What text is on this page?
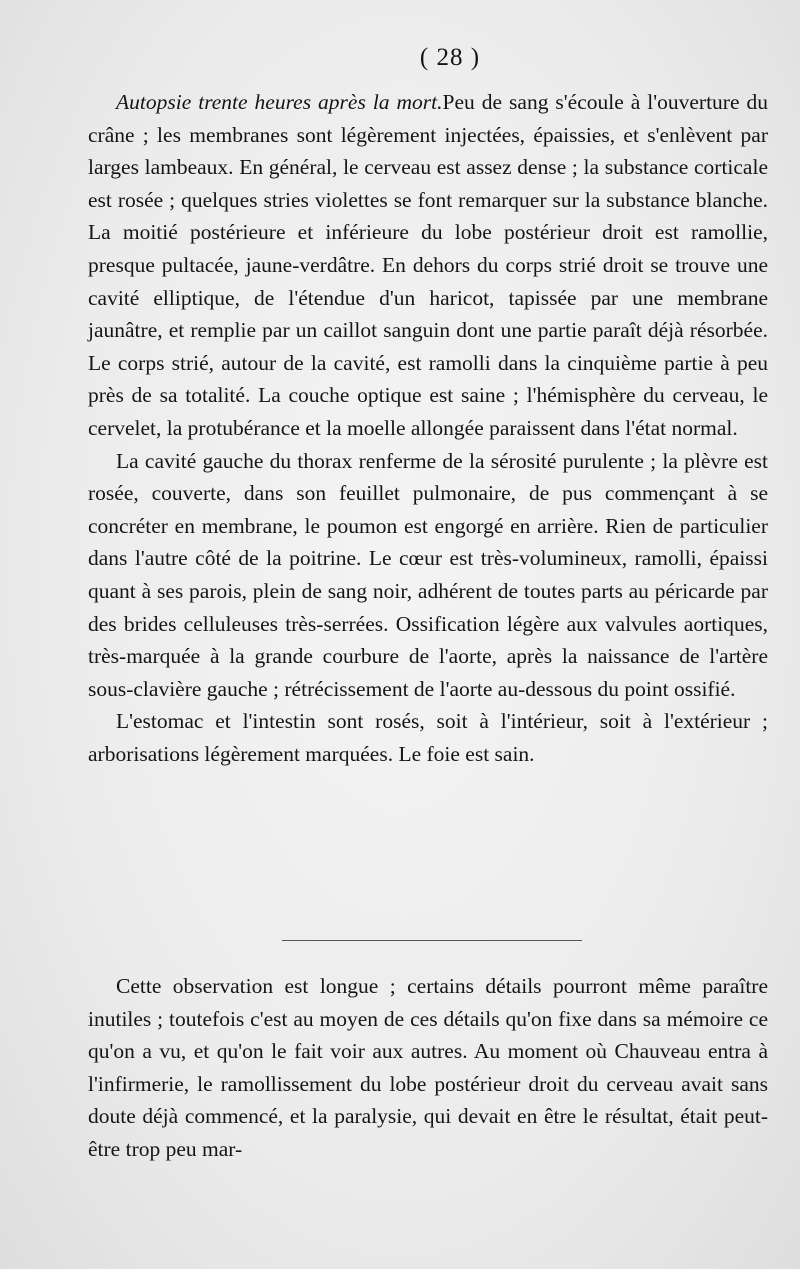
( 28 )

Autopsie trente heures après la mort.Peu de sang s'écoule à l'ouverture du crâne ; les membranes sont légèrement injectées, épaissies, et s'enlèvent par larges lambeaux. En général, le cerveau est assez dense ; la substance corticale est rosée ; quelques stries violettes se font remarquer sur la substance blanche. La moitié postérieure et inférieure du lobe postérieur droit est ramollie, presque pultacée, jaune-verdâtre. En dehors du corps strié droit se trouve une cavité elliptique, de l'étendue d'un haricot, tapissée par une membrane jaunâtre, et remplie par un caillot sanguin dont une partie paraît déjà résorbée. Le corps strié, autour de la cavité, est ramolli dans la cinquième partie à peu près de sa totalité. La couche optique est saine ; l'hémisphère du cerveau, le cervelet, la protubérance et la moelle allongée paraissent dans l'état normal.

La cavité gauche du thorax renferme de la sérosité purulente ; la plèvre est rosée, couverte, dans son feuillet pulmonaire, de pus commençant à se concréter en membrane, le poumon est engorgé en arrière. Rien de particulier dans l'autre côté de la poitrine. Le cœur est très-volumineux, ramolli, épaissi quant à ses parois, plein de sang noir, adhérent de toutes parts au péricarde par des brides celluleuses très-serrées. Ossification légère aux valvules aortiques, très-marquée à la grande courbure de l'aorte, après la naissance de l'artère sous-clavière gauche ; rétrécissement de l'aorte au-dessous du point ossifié.

L'estomac et l'intestin sont rosés, soit à l'intérieur, soit à l'extérieur ; arborisations légèrement marquées. Le foie est sain.

Cette observation est longue ; certains détails pourront même paraître inutiles ; toutefois c'est au moyen de ces détails qu'on fixe dans sa mémoire ce qu'on a vu, et qu'on le fait voir aux autres. Au moment où Chauveau entra à l'infirmerie, le ramollissement du lobe postérieur droit du cerveau avait sans doute déjà commencé, et la paralysie, qui devait en être le résultat, était peut-être trop peu mar-
